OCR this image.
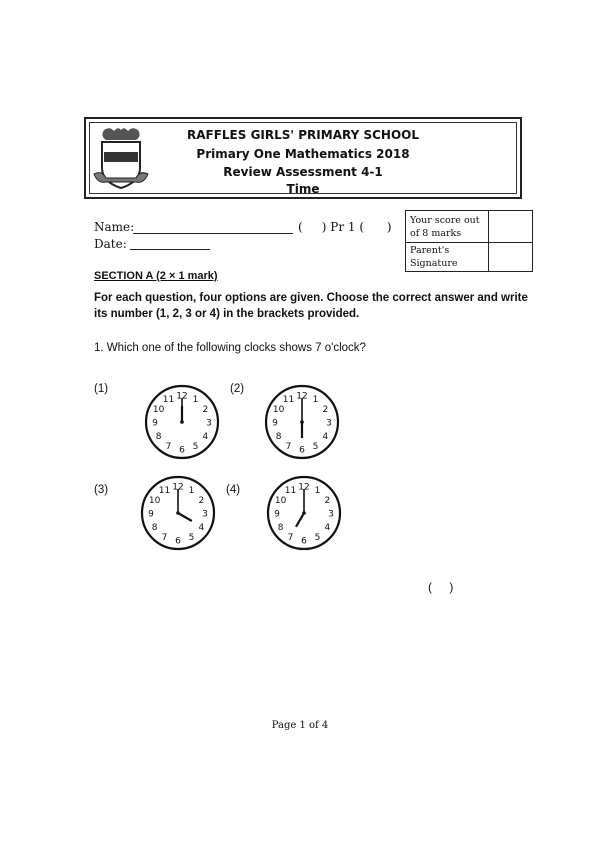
RAFFLES GIRLS' PRIMARY SCHOOL
Primary One Mathematics 2018
Review Assessment 4-1
Time
Name:	(     ) Pr 1 (      )
Date:
Your score out
of 8 marks
Parent's
Signature
SECTION A (2 × 1 mark)
For each question, four options are given. Choose the correct answer and write its number (1, 2, 3 or 4) in the brackets provided.
1. Which one of the following clocks shows 7 o'clock?
(1)
12 1
2
3
4
5
6
7
8
9
10
11
(2)
12 1
2
3
4
5
6
7
8
9
10
11
(3)	12 1
2
3
4
5
6
7
8
9
10
11	(4)	12 1
2
3
4
5
6
7
8
9
10
11
( )
Page 1 of 4
